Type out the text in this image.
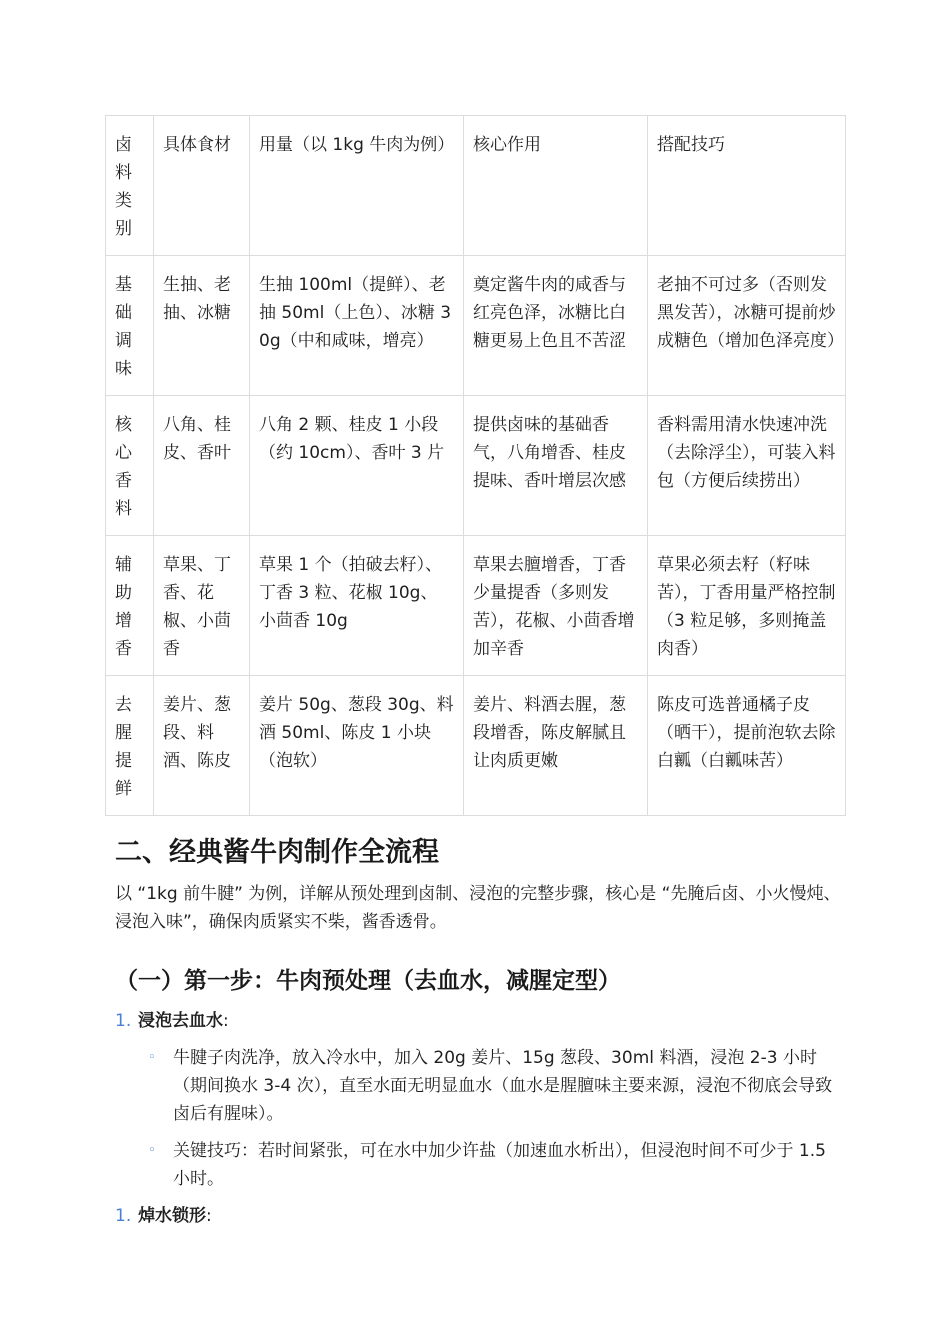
卤料类别	具体食材	用量（以 1kg 牛肉为例）	核心作用	搭配技巧
基础调味	生抽、老抽、冰糖	生抽 100ml（提鲜）、老抽 50ml（上色）、冰糖 30g（中和咸味，增亮）	奠定酱牛肉的咸香与红亮色泽，冰糖比白糖更易上色且不苦涩	老抽不可过多（否则发黑发苦），冰糖可提前炒成糖色（增加色泽亮度）
核心香料	八角、桂皮、香叶	八角 2 颗、桂皮 1 小段（约 10cm）、香叶 3 片	提供卤味的基础香气，八角增香、桂皮提味、香叶增层次感	香料需用清水快速冲洗（去除浮尘），可装入料包（方便后续捞出）
辅助增香	草果、丁香、花椒、小茴香	草果 1 个（拍破去籽）、丁香 3 粒、花椒 10g、小茴香 10g	草果去膻增香，丁香少量提香（多则发苦），花椒、小茴香增加辛香	草果必须去籽（籽味苦），丁香用量严格控制（3 粒足够，多则掩盖肉香）
去腥提鲜	姜片、葱段、料酒、陈皮	姜片 50g、葱段 30g、料酒 50ml、陈皮 1 小块（泡软）	姜片、料酒去腥，葱段增香，陈皮解腻且让肉质更嫩	陈皮可选普通橘子皮（晒干），提前泡软去除白瓤（白瓤味苦）
二、经典酱牛肉制作全流程

以 “1kg 前牛腱” 为例，详解从预处理到卤制、浸泡的完整步骤，核心是 “先腌后卤、小火慢炖、浸泡入味”，确保肉质紧实不柴，酱香透骨。

（一）第一步：牛肉预处理（去血水，减腥定型）
1. 浸泡去血水:
◦ 牛腱子肉洗净，放入冷水中，加入 20g 姜片、15g 葱段、30ml 料酒，浸泡 2-3 小时（期间换水 3-4 次），直至水面无明显血水（血水是腥膻味主要来源，浸泡不彻底会导致卤后有腥味）。
◦ 关键技巧：若时间紧张，可在水中加少许盐（加速血水析出），但浸泡时间不可少于 1.5 小时。
1. 焯水锁形:
